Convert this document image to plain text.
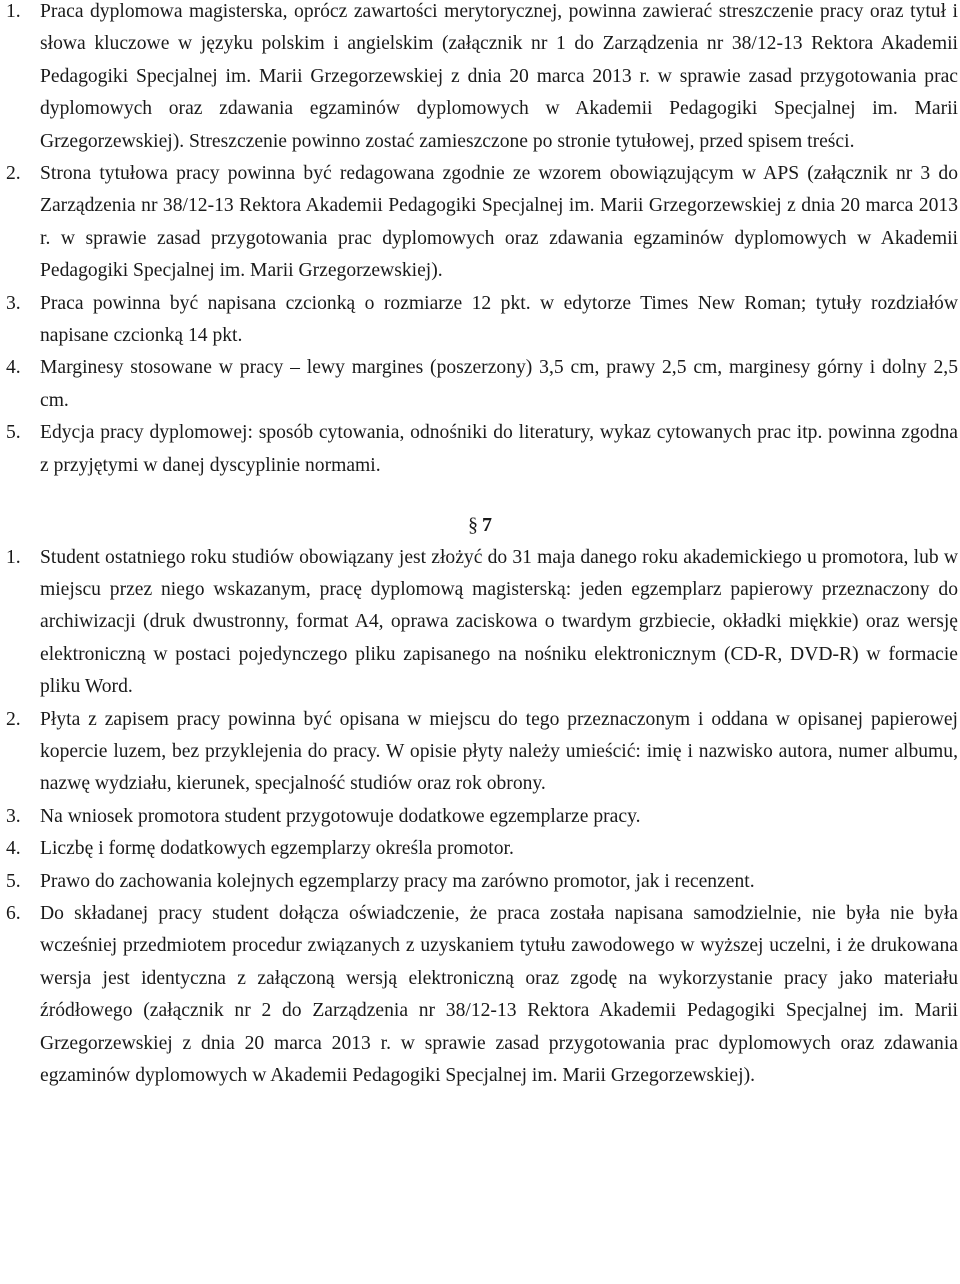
1. Praca dyplomowa magisterska, oprócz zawartości merytorycznej, powinna zawierać streszczenie pracy oraz tytuł i słowa kluczowe w języku polskim i angielskim (załącznik nr 1 do Zarządzenia nr 38/12-13 Rektora Akademii Pedagogiki Specjalnej im. Marii Grzegorzewskiej z dnia 20 marca 2013 r. w sprawie zasad przygotowania prac dyplomowych oraz zdawania egzaminów dyplomowych w Akademii Pedagogiki Specjalnej im. Marii Grzegorzewskiej). Streszczenie powinno zostać zamieszczone po stronie tytułowej, przed spisem treści.
2. Strona tytułowa pracy powinna być redagowana zgodnie ze wzorem obowiązującym w APS (załącznik nr 3 do Zarządzenia nr 38/12-13 Rektora Akademii Pedagogiki Specjalnej im. Marii Grzegorzewskiej z dnia 20 marca 2013 r. w sprawie zasad przygotowania prac dyplomowych oraz zdawania egzaminów dyplomowych w Akademii Pedagogiki Specjalnej im. Marii Grzegorzewskiej).
3. Praca powinna być napisana czcionką o rozmiarze 12 pkt. w edytorze Times New Roman; tytuły rozdziałów napisane czcionką 14 pkt.
4. Marginesy stosowane w pracy – lewy margines (poszerzony) 3,5 cm, prawy 2,5 cm, marginesy górny i dolny 2,5 cm.
5. Edycja pracy dyplomowej: sposób cytowania, odnośniki do literatury, wykaz cytowanych prac itp. powinna zgodna z przyjętymi w danej dyscyplinie normami.
§ 7
1. Student ostatniego roku studiów obowiązany jest złożyć do 31 maja danego roku akademickiego u promotora, lub w miejscu przez niego wskazanym, pracę dyplomową magisterską: jeden egzemplarz papierowy przeznaczony do archiwizacji (druk dwustronny, format A4, oprawa zaciskowa o twardym grzbiecie, okładki miękkie) oraz wersję elektroniczną w postaci pojedynczego pliku zapisanego na nośniku elektronicznym (CD-R, DVD-R) w formacie pliku Word.
2. Płyta z zapisem pracy powinna być opisana w miejscu do tego przeznaczonym i oddana w opisanej papierowej kopercie luzem, bez przyklejenia do pracy. W opisie płyty należy umieścić: imię i nazwisko autora, numer albumu, nazwę wydziału, kierunek, specjalność studiów oraz rok obrony.
3. Na wniosek promotora student przygotowuje dodatkowe egzemplarze pracy.
4. Liczbę i formę dodatkowych egzemplarzy określa promotor.
5. Prawo do zachowania kolejnych egzemplarzy pracy ma zarówno promotor, jak i recenzent.
6. Do składanej pracy student dołącza oświadczenie, że praca została napisana samodzielnie, nie była nie była wcześniej przedmiotem procedur związanych z uzyskaniem tytułu zawodowego w wyższej uczelni, i że drukowana wersja jest identyczna z załączoną wersją elektroniczną oraz zgodę na wykorzystanie pracy jako materiału źródłowego (załącznik nr 2 do Zarządzenia nr 38/12-13 Rektora Akademii Pedagogiki Specjalnej im. Marii Grzegorzewskiej z dnia 20 marca 2013 r. w sprawie zasad przygotowania prac dyplomowych oraz zdawania egzaminów dyplomowych w Akademii Pedagogiki Specjalnej im. Marii Grzegorzewskiej).
